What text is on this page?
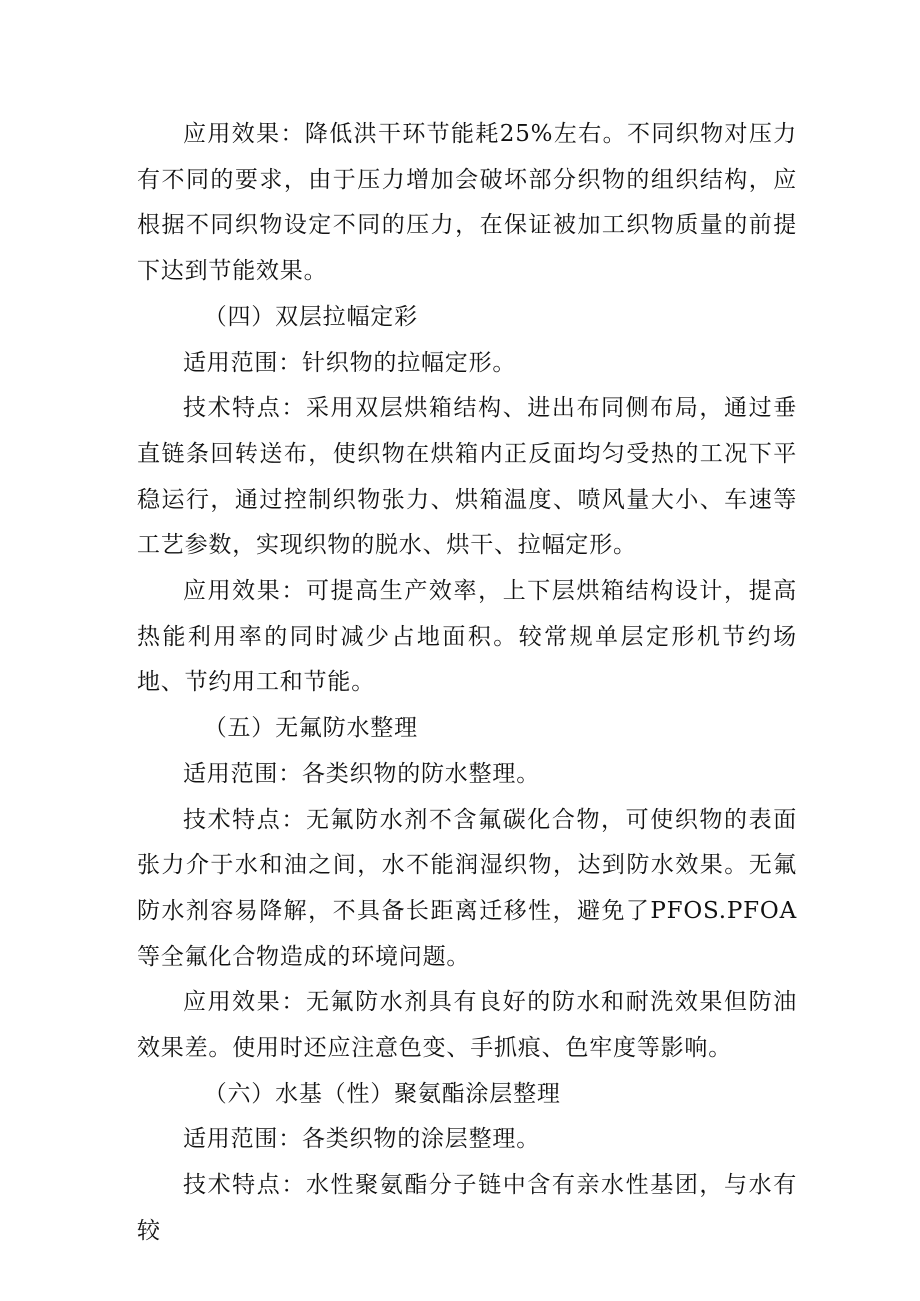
应用效果：降低洪干环节能耗25%左右。不同织物对压力有不同的要求，由于压力增加会破坏部分织物的组织结构，应根据不同织物设定不同的压力，在保证被加工织物质量的前提下达到节能效果。

（四）双层拉幅定彩

适用范围：针织物的拉幅定形。

技术特点：采用双层烘箱结构、进出布同侧布局，通过垂直链条回转送布，使织物在烘箱内正反面均匀受热的工况下平稳运行，通过控制织物张力、烘箱温度、喷风量大小、车速等工艺参数，实现织物的脱水、烘干、拉幅定形。

应用效果：可提高生产效率，上下层烘箱结构设计，提高热能利用率的同时减少占地面积。较常规单层定形机节约场地、节约用工和节能。

（五）无氟防水整理

适用范围：各类织物的防水整理。

技术特点：无氟防水剂不含氟碳化合物，可使织物的表面张力介于水和油之间，水不能润湿织物，达到防水效果。无氟防水剂容易降解，不具备长距离迁移性，避免了PFOS.PFOA等全氟化合物造成的环境问题。

应用效果：无氟防水剂具有良好的防水和耐洗效果但防油效果差。使用时还应注意色变、手抓痕、色牢度等影响。

（六）水基（性）聚氨酯涂层整理

适用范围：各类织物的涂层整理。

技术特点：水性聚氨酯分子链中含有亲水性基团，与水有较
